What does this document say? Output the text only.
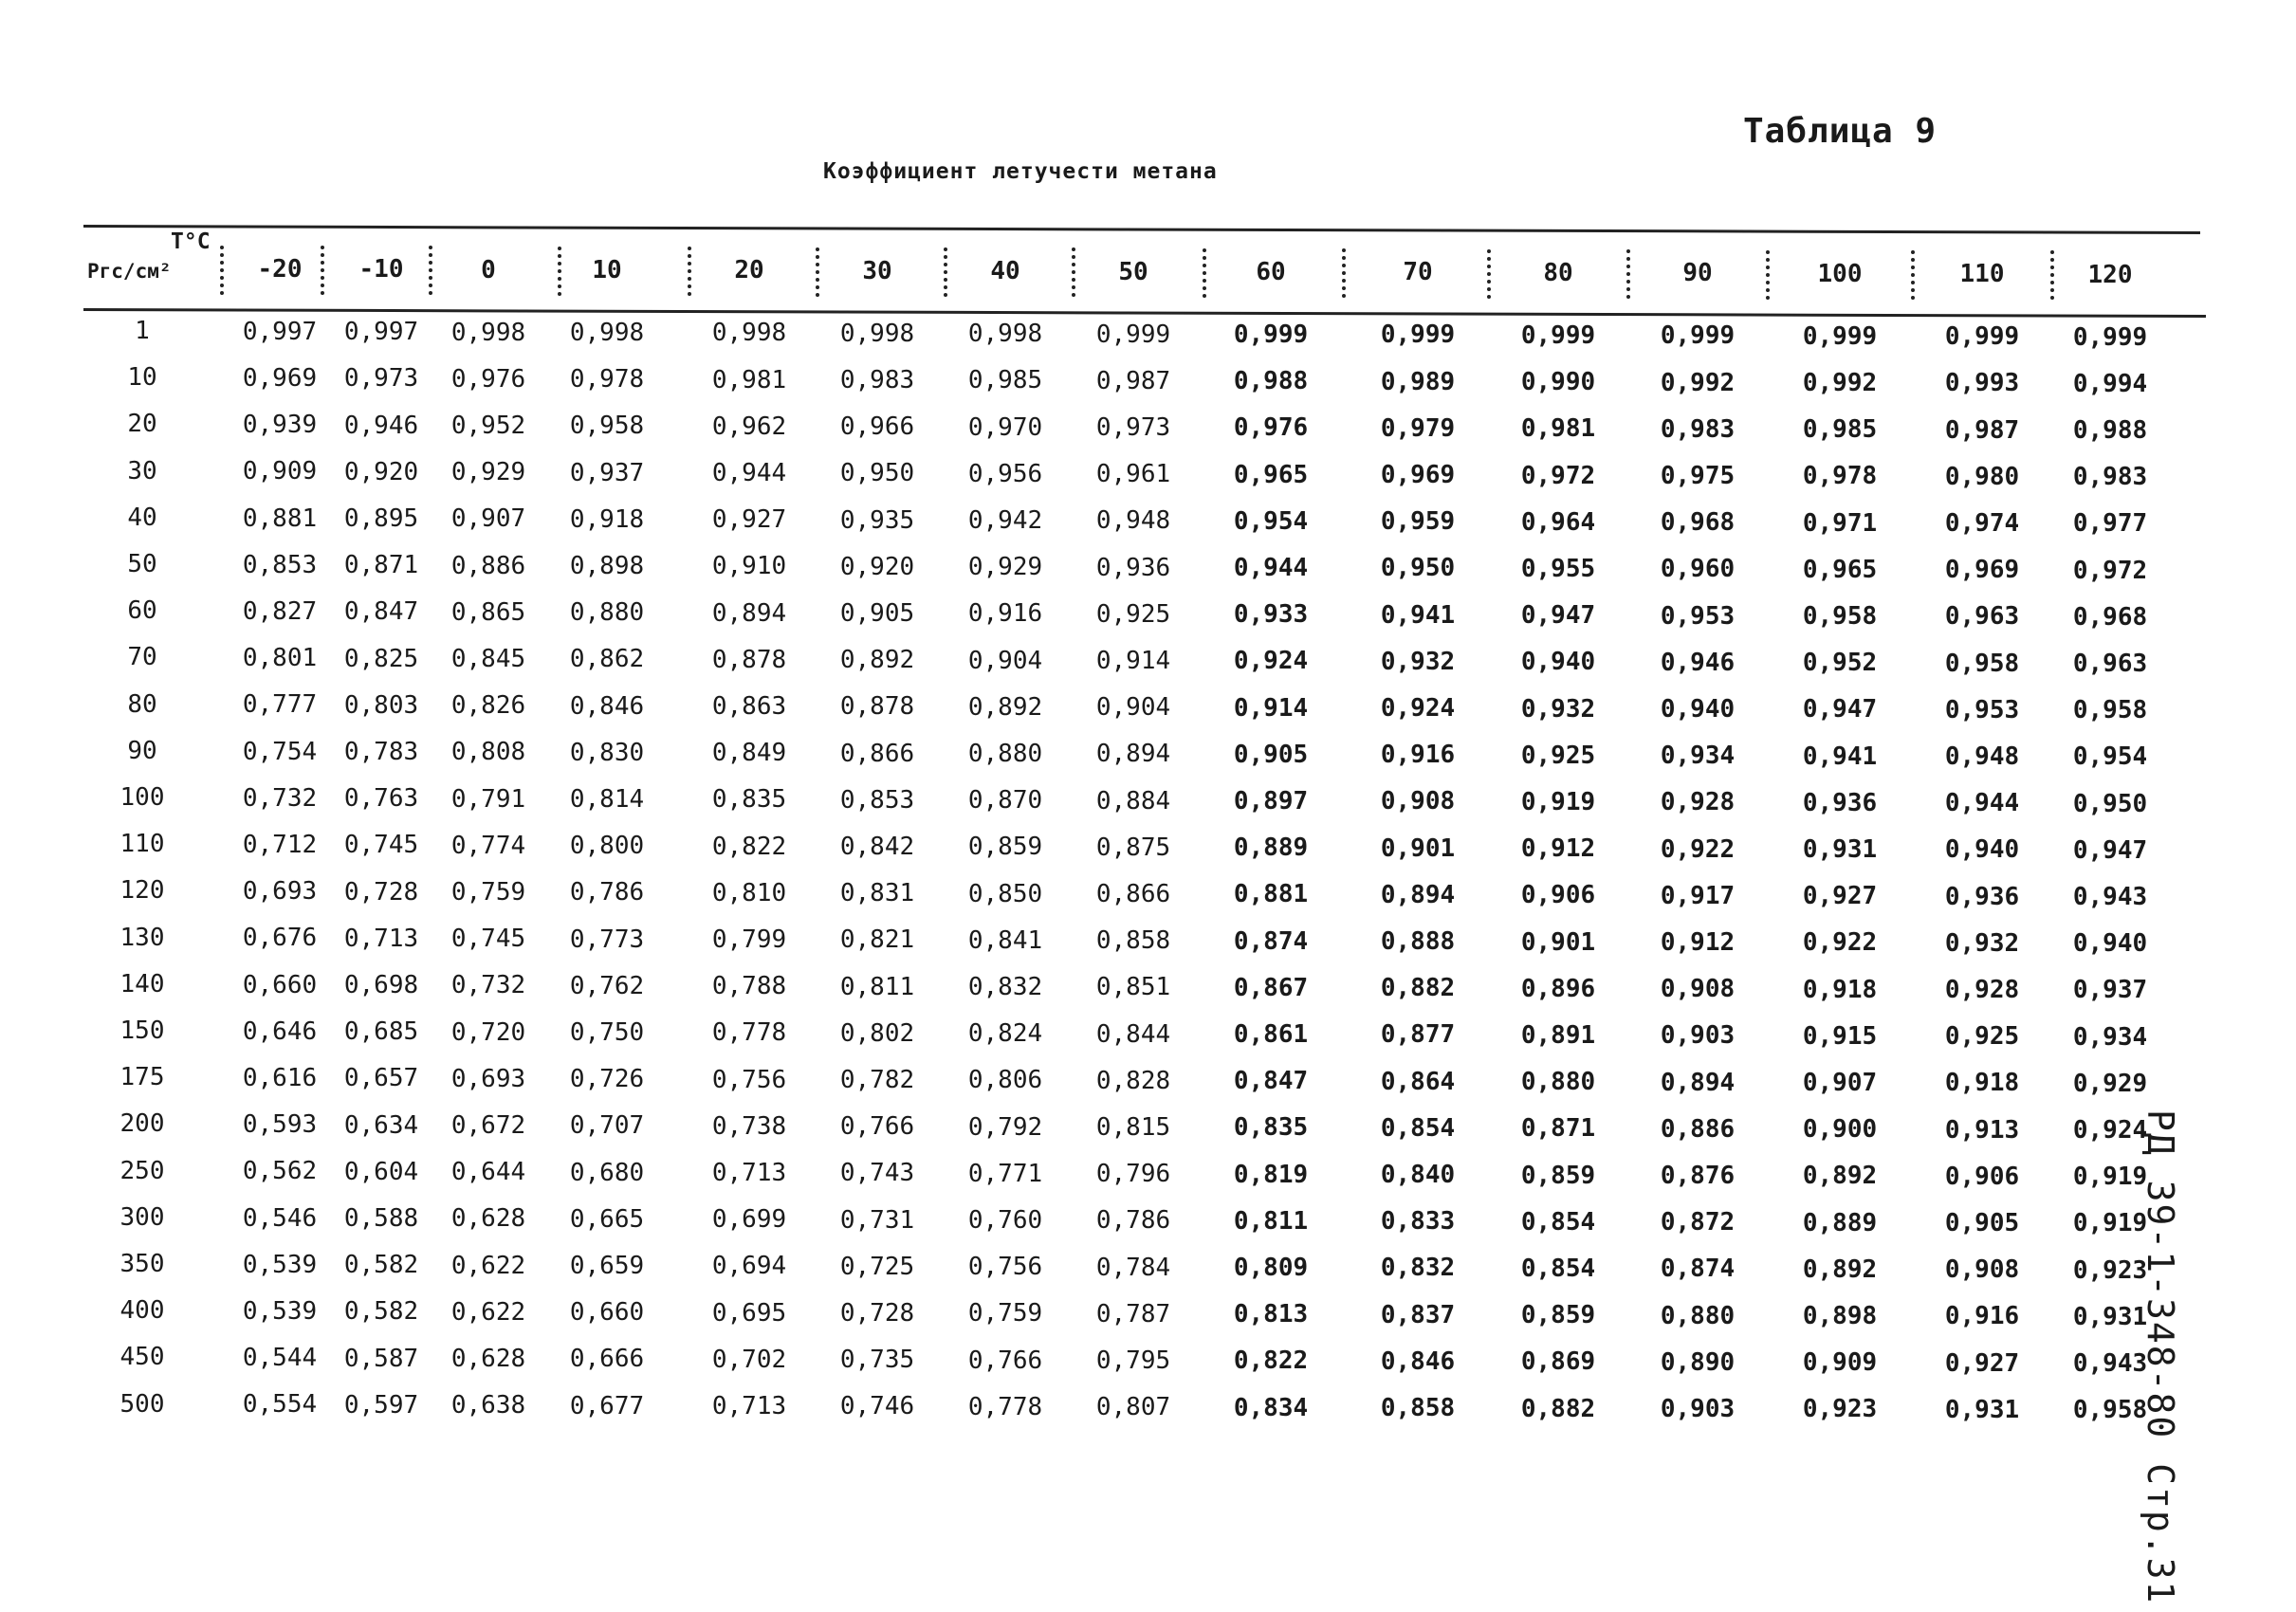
Таблица 9
Коэффициент летучести метана
T°C
Ргс/см²	-20 -10	0	10	20	30	40	50	60	70	80	90	100	110	120
1	0,997 0,997 0,998 0,998	0,998 0,998 0,998 0,999	0,999	0,999	0,999	0,999	0,999	0,999 0,999
10	0,969 0,973 0,976 0,978	0,981 0,983 0,985 0,987	0,988	0,989	0,990	0,992	0,992	0,993 0,994
20	0,939 0,946 0,952 0,958	0,962 0,966 0,970 0,973	0,976	0,979	0,981	0,983	0,985	0,987 0,988
30	0,909 0,920 0,929 0,937	0,944 0,950 0,956 0,961	0,965	0,969	0,972	0,975	0,978	0,980 0,983
40	0,881 0,895 0,907 0,918	0,927 0,935 0,942 0,948	0,954	0,959	0,964	0,968	0,971	0,974 0,977
50	0,853 0,871 0,886 0,898	0,910 0,920 0,929 0,936	0,944	0,950	0,955	0,960	0,965	0,969 0,972
60	0,827 0,847 0,865 0,880	0,894 0,905 0,916 0,925	0,933	0,941	0,947	0,953	0,958	0,963 0,968
70	0,801 0,825 0,845 0,862	0,878 0,892 0,904 0,914	0,924	0,932	0,940	0,946	0,952	0,958 0,963
80	0,777 0,803 0,826 0,846	0,863 0,878 0,892 0,904	0,914	0,924	0,932	0,940	0,947	0,953 0,958
90	0,754 0,783 0,808 0,830	0,849 0,866 0,880 0,894	0,905	0,916	0,925	0,934	0,941	0,948 0,954
100	0,732 0,763 0,791 0,814	0,835 0,853 0,870 0,884	0,897	0,908	0,919	0,928	0,936	0,944 0,950
110	0,712 0,745 0,774 0,800	0,822 0,842 0,859 0,875	0,889	0,901	0,912	0,922	0,931	0,940 0,947
120	0,693 0,728 0,759 0,786	0,810 0,831 0,850 0,866	0,881	0,894	0,906	0,917	0,927	0,936 0,943
130	0,676 0,713 0,745 0,773	0,799 0,821 0,841 0,858	0,874	0,888	0,901	0,912	0,922	0,932 0,940
140	0,660 0,698 0,732 0,762	0,788 0,811 0,832 0,851	0,867	0,882	0,896	0,908	0,918	0,928 0,937
150	0,646 0,685 0,720 0,750	0,778 0,802 0,824 0,844	0,861	0,877	0,891	0,903	0,915	0,925 0,934
175	0,616 0,657 0,693 0,726	0,756 0,782 0,806 0,828	0,847	0,864	0,880	0,894	0,907	0,918 0,929
200	0,593 0,634 0,672 0,707	0,738 0,766 0,792 0,815	0,835	0,854	0,871	0,886	0,900	0,913 0,924
250	0,562 0,604 0,644 0,680	0,713 0,743 0,771 0,796	0,819	0,840	0,859	0,876	0,892	0,906 0,919
300	0,546 0,588 0,628 0,665	0,699 0,731 0,760 0,786	0,811	0,833	0,854	0,872	0,889	0,905 0,919
350	0,539 0,582 0,622 0,659	0,694 0,725 0,756 0,784	0,809	0,832	0,854	0,874	0,892	0,908 0,923
400	0,539 0,582 0,622 0,660	0,695 0,728 0,759 0,787	0,813	0,837	0,859	0,880	0,898	0,916 0,931
450	0,544 0,587 0,628 0,666	0,702 0,735 0,766 0,795	0,822	0,846	0,869	0,890	0,909	0,927 0,943
500	0,554 0,597 0,638 0,677	0,713 0,746 0,778 0,807	0,834	0,858	0,882	0,903	0,923	0,931 0,958
РД 39-1-348-80 Стр.31
